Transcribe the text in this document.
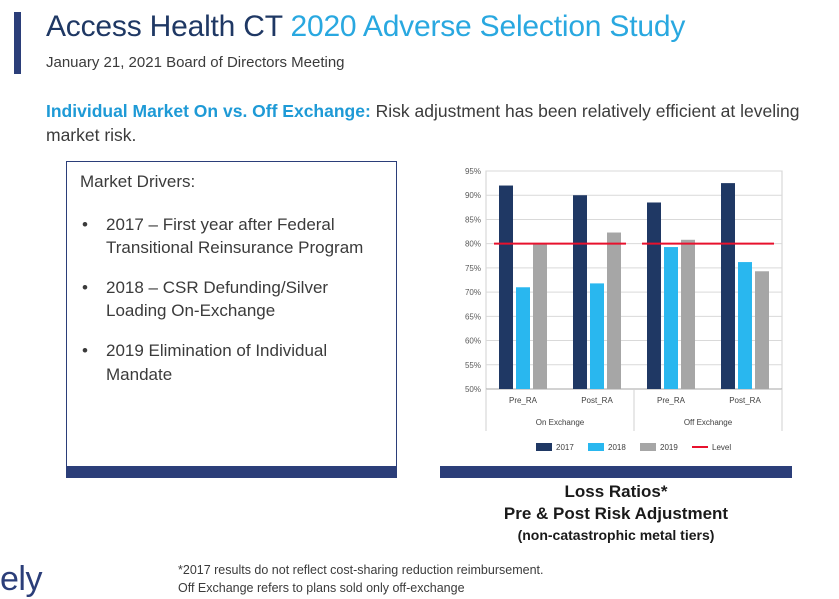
Access Health CT 2020 Adverse Selection Study
January 21, 2021 Board of Directors Meeting
Individual Market On vs. Off Exchange: Risk adjustment has been relatively efficient at leveling market risk.
Market Drivers:
• 2017 – First year after Federal Transitional Reinsurance Program
• 2018 – CSR Defunding/Silver Loading On-Exchange
• 2019 Elimination of Individual Mandate
95%
90%
85%
80%
75%
70%
65%
60%
55%
50%
Pre_RA	Post_RA	Pre_RA	Post_RA
On Exchange	Off Exchange
2017	2018	2019	Level
Loss Ratios*
Pre & Post Risk Adjustment
(non-catastrophic metal tiers)
*2017 results do not reflect cost-sharing reduction reimbursement.
Off Exchange refers to plans sold only off-exchange
ely
